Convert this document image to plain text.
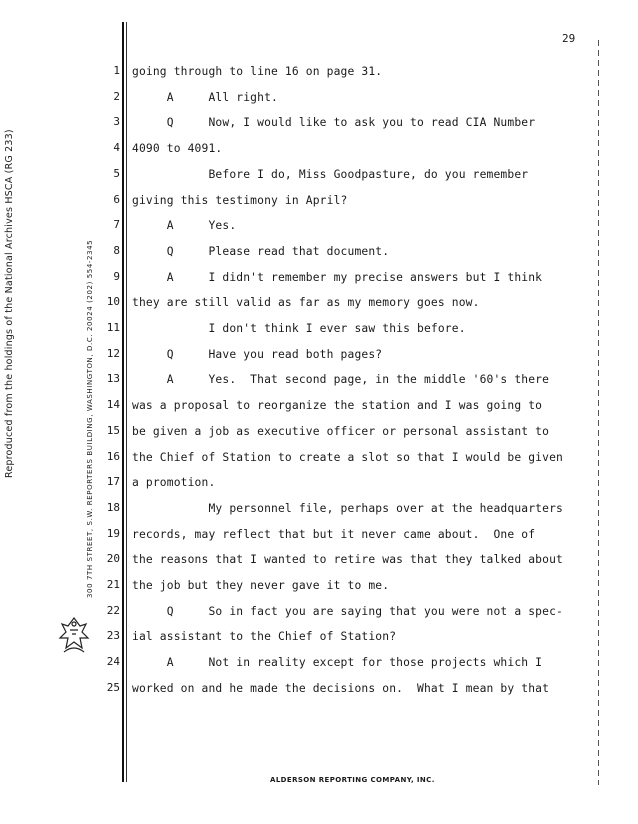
Reproduced from the holdings of the National Archives HSCA (RG 233)	300 7TH STREET, S.W. REPORTERS BUILDING, WASHINGTON, D.C. 20024 (202) 554-2345
29
1 going through to line 16 on page 31.
2 A     All right.
3 Q     Now, I would like to ask you to read CIA Number
4 4090 to 4091.
5 Before I do, Miss Goodpasture, do you remember
6 giving this testimony in April?
7 A     Yes.
8 Q     Please read that document.
9 A     I didn't remember my precise answers but I think
10 they are still valid as far as my memory goes now.
11 I don't think I ever saw this before.
12 Q     Have you read both pages?
13 A     Yes.  That second page, in the middle '60's there
14 was a proposal to reorganize the station and I was going to
15 be given a job as executive officer or personal assistant to
16 the Chief of Station to create a slot so that I would be given
17 a promotion.
18 My personnel file, perhaps over at the headquarters
19 records, may reflect that but it never came about.  One of
20 the reasons that I wanted to retire was that they talked about
21 the job but they never gave it to me.
22 Q     So in fact you are saying that you were not a spec-
23 ial assistant to the Chief of Station?
24 A     Not in reality except for those projects which I
25 worked on and he made the decisions on.  What I mean by that
ALDERSON REPORTING COMPANY, INC.
